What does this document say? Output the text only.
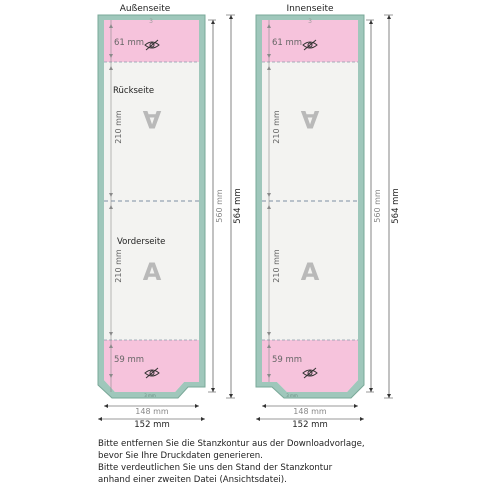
Außenseite
3
61 mm
59 mm
210 mm
210 mm
Rückseite
Vorderseite
A
A
3 mm
560 mm 564 mm
148 mm
152 mm
Innenseite
3
61 mm
59 mm
210 mm
210 mm
A
A
3 mm
560 mm 564 mm
148 mm
152 mm
Bitte entfernen Sie die Stanzkontur aus der Downloadvorlage,
bevor Sie Ihre Druckdaten generieren.
Bitte verdeutlichen Sie uns den Stand der Stanzkontur
anhand einer zweiten Datei (Ansichtsdatei).
